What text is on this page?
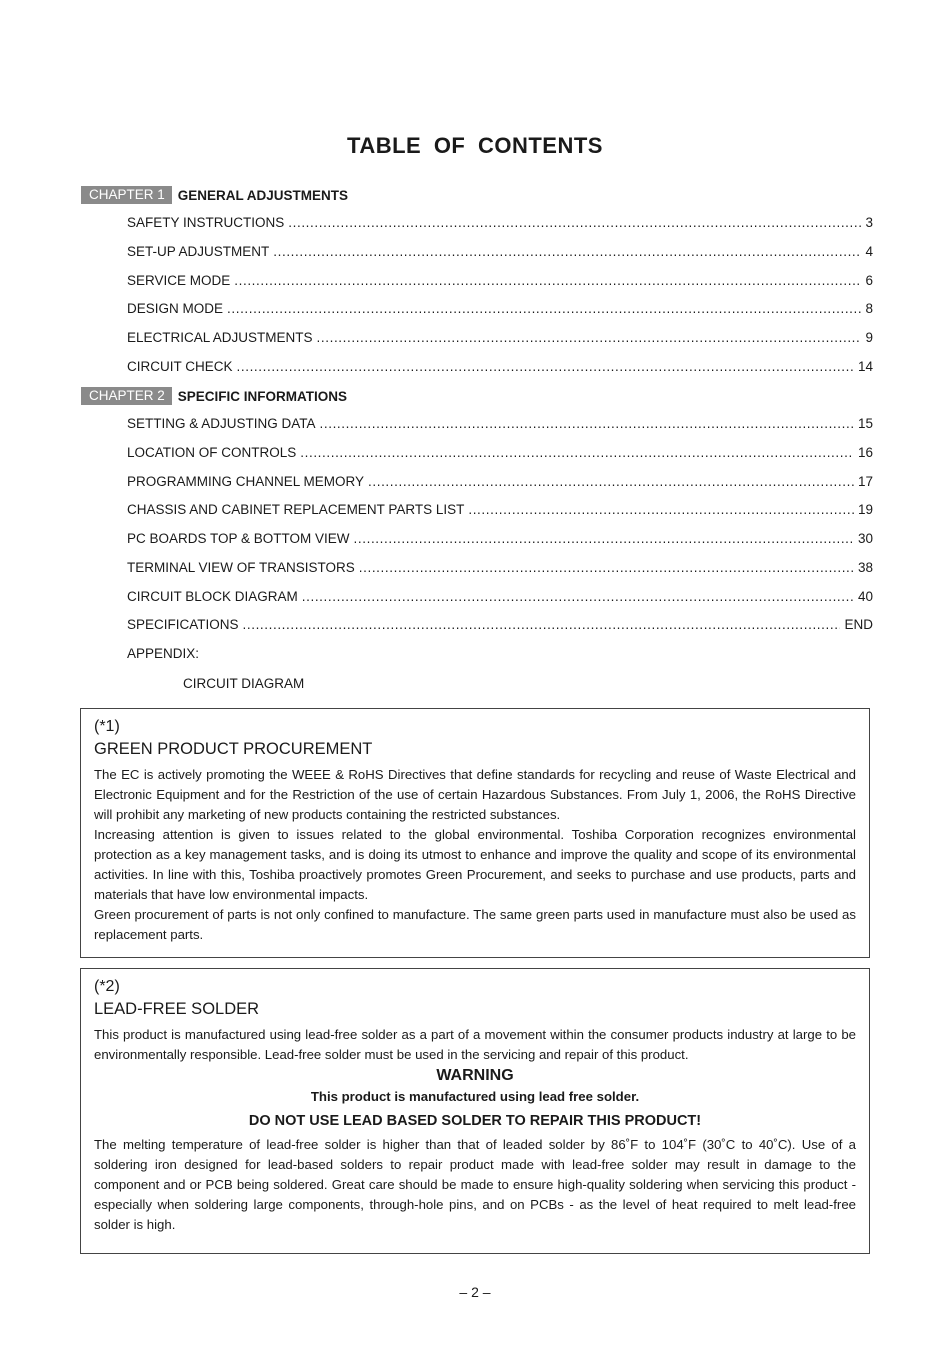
TABLE OF CONTENTS
CHAPTER 1 GENERAL ADJUSTMENTS
SAFETY INSTRUCTIONS .....	3
SET-UP ADJUSTMENT .....	4
SERVICE MODE .....	6
DESIGN MODE .....	8
ELECTRICAL ADJUSTMENTS .....	9
CIRCUIT CHECK .....	14
CHAPTER 2 SPECIFIC INFORMATIONS
SETTING & ADJUSTING DATA .....	15
LOCATION OF CONTROLS .....	16
PROGRAMMING CHANNEL MEMORY .....	17
CHASSIS AND CABINET REPLACEMENT PARTS LIST .....	19
PC BOARDS TOP & BOTTOM VIEW .....	30
TERMINAL VIEW OF TRANSISTORS .....	38
CIRCUIT BLOCK DIAGRAM .....	40
SPECIFICATIONS .....	END
APPENDIX:
CIRCUIT DIAGRAM
(*1)
GREEN PRODUCT PROCUREMENT

The EC is actively promoting the WEEE & RoHS Directives that define standards for recycling and reuse of Waste Electrical and Electronic Equipment and for the Restriction of the use of certain Hazardous Substances. From July 1, 2006, the RoHS Directive will prohibit any marketing of new products containing the restricted substances.

Increasing attention is given to issues related to the global environmental. Toshiba Corporation recognizes environmental protection as a key management tasks, and is doing its utmost to enhance and improve the quality and scope of its environmental activities. In line with this, Toshiba proactively promotes Green Procurement, and seeks to purchase and use products, parts and materials that have low environmental impacts.

Green procurement of parts is not only confined to manufacture. The same green parts used in manufacture must also be used as replacement parts.

(*2)
LEAD-FREE SOLDER

This product is manufactured using lead-free solder as a part of a movement within the consumer products industry at large to be environmentally responsible. Lead-free solder must be used in the servicing and repair of this product.

WARNING
This product is manufactured using lead free solder.
DO NOT USE LEAD BASED SOLDER TO REPAIR THIS PRODUCT!

The melting temperature of lead-free solder is higher than that of leaded solder by 86˚F to 104˚F (30˚C to 40˚C). Use of a soldering iron designed for lead-based solders to repair product made with lead-free solder may result in damage to the component and or PCB being soldered. Great care should be made to ensure high-quality soldering when servicing this product -especially when soldering large components, through-hole pins, and on PCBs - as the level of heat required to melt lead-free solder is high.

– 2 –
